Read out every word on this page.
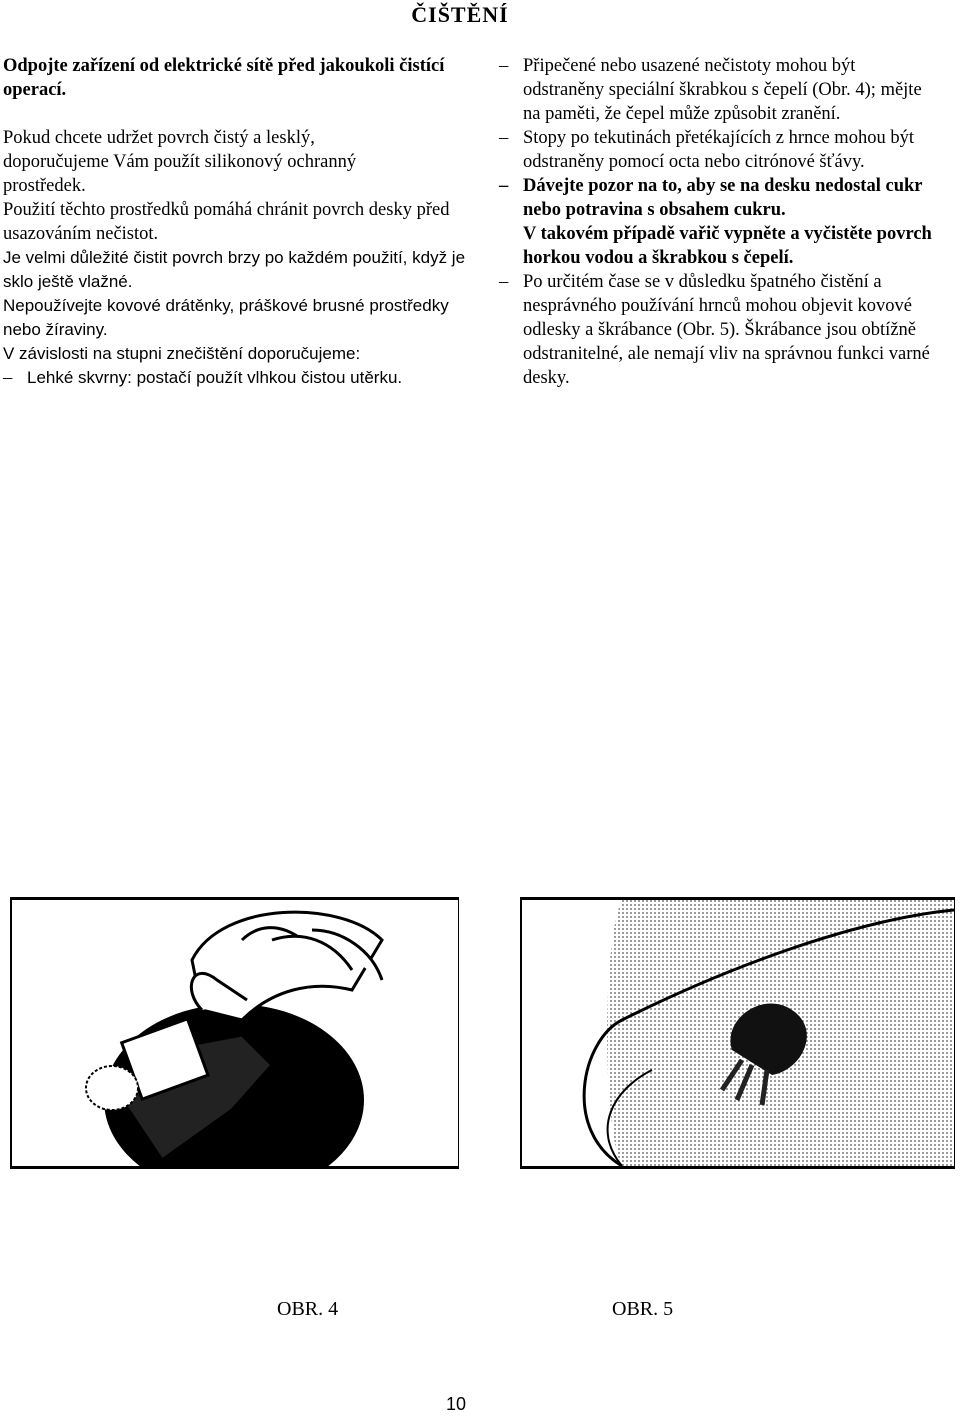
ČIŠTĚNÍ

Odpojte zařízení od elektrické sítě před jakoukoli čistící operací.

Pokud chcete udržet povrch čistý a lesklý,

doporučujeme Vám použít silikonový ochranný

prostředek.

Použití těchto prostředků pomáhá chránit povrch desky před usazováním nečistot.

Je velmi důležité čistit povrch brzy po každém použití, když je sklo ještě vlažné.

Nepoužívejte kovové drátěnky, práškové brusné prostředky nebo žíraviny.

V závislosti na stupni znečištění doporučujeme:

– Lehké skvrny: postačí použít vlhkou čistou utěrku.
– Připečené nebo usazené nečistoty mohou být odstraněny speciální škrabkou s čepelí (Obr. 4); mějte na paměti, že čepel může způsobit zranění.
– Stopy po tekutinách přetékajících z hrnce mohou být odstraněny pomocí octa nebo citrónové šťávy.
– Dávejte pozor na to, aby se na desku nedostal cukr nebo potravina s obsahem cukru.
V takovém případě vařič vypněte a vyčistěte povrch horkou vodou a škrabkou s čepelí.
– Po určitém čase se v důsledku špatného čistění a nesprávného používání hrnců mohou objevit kovové odlesky a škrábance (Obr. 5). Škrábance jsou obtížně odstranitelné, ale nemají vliv na správnou funkci varné desky.
OBR. 4	OBR. 5
10
